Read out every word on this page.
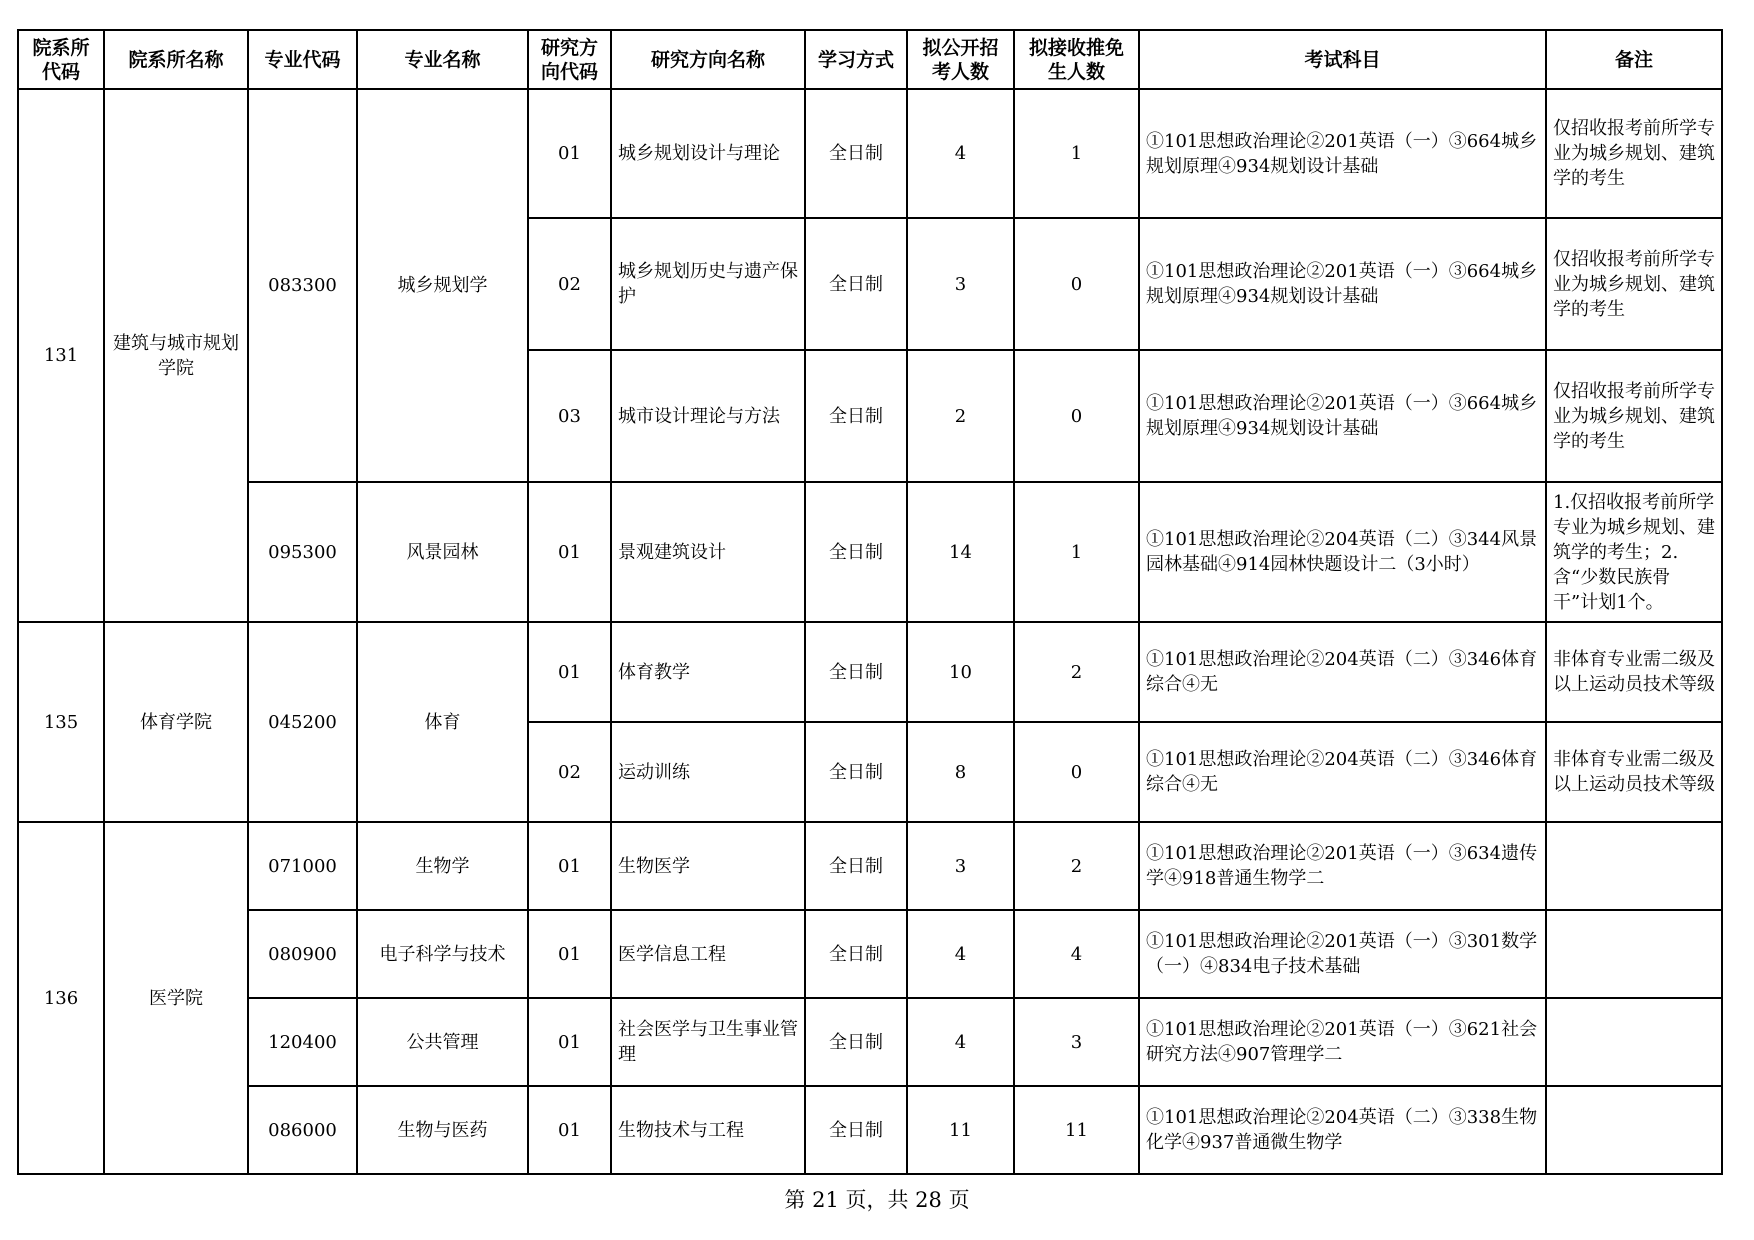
院系所代码	院系所名称	专业代码	专业名称	研究方向代码	研究方向名称	学习方式	拟公开招考人数	拟接收推免生人数	考试科目	备注
131	建筑与城市规划学院	083300	城乡规划学	01	城乡规划设计与理论	全日制	4	1	①101思想政治理论②201英语（一）③664城乡规划原理④934规划设计基础	仅招收报考前所学专业为城乡规划、建筑学的考生
				02	城乡规划历史与遗产保护	全日制	3	0	①101思想政治理论②201英语（一）③664城乡规划原理④934规划设计基础	仅招收报考前所学专业为城乡规划、建筑学的考生
				03	城市设计理论与方法	全日制	2	0	①101思想政治理论②201英语（一）③664城乡规划原理④934规划设计基础	仅招收报考前所学专业为城乡规划、建筑学的考生
		095300	风景园林	01	景观建筑设计	全日制	14	1	①101思想政治理论②204英语（二）③344风景园林基础④914园林快题设计二（3小时）	1.仅招收报考前所学专业为城乡规划、建筑学的考生；2.含“少数民族骨干”计划1个。
135	体育学院	045200	体育	01	体育教学	全日制	10	2	①101思想政治理论②204英语（二）③346体育综合④无	非体育专业需二级及以上运动员技术等级
				02	运动训练	全日制	8	0	①101思想政治理论②204英语（二）③346体育综合④无	非体育专业需二级及以上运动员技术等级
136	医学院	071000	生物学	01	生物医学	全日制	3	2	①101思想政治理论②201英语（一）③634遗传学④918普通生物学二	
		080900	电子科学与技术	01	医学信息工程	全日制	4	4	①101思想政治理论②201英语（一）③301数学（一）④834电子技术基础	
		120400	公共管理	01	社会医学与卫生事业管理	全日制	4	3	①101思想政治理论②201英语（一）③621社会研究方法④907管理学二	
		086000	生物与医药	01	生物技术与工程	全日制	11	11	①101思想政治理论②204英语（二）③338生物化学④937普通微生物学	
第 21 页，共 28 页
